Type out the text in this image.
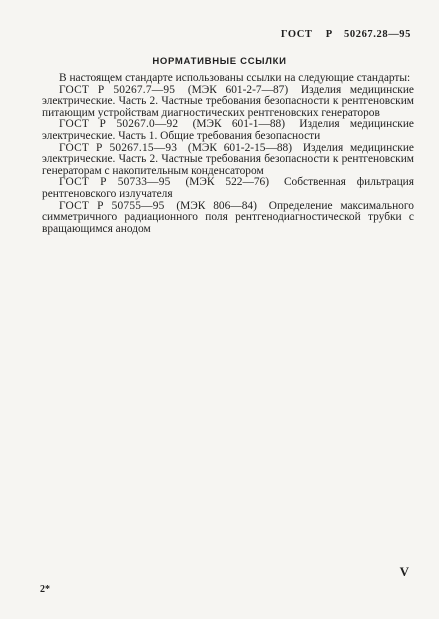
ГОСТ Р 50267.28—95
НОРМАТИВНЫЕ ССЫЛКИ

В настоящем стандарте использованы ссылки на следующие стандарты:

ГОСТ Р 50267.7—95 (МЭК 601-2-7—87) Изделия медицинские электрические. Часть 2. Частные требования безопасности к рентгеновским питающим устройствам диагностических рентгеновских генераторов

ГОСТ Р 50267.0—92 (МЭК 601-1—88) Изделия медицинские электрические. Часть 1. Общие требования безопасности

ГОСТ Р 50267.15—93 (МЭК 601-2-15—88) Изделия медицинские электрические. Часть 2. Частные требования безопасности к рентгеновским генераторам с накопительным конденсатором

ГОСТ Р 50733—95 (МЭК 522—76) Собственная фильтрация рентгеновского излучателя

ГОСТ Р 50755—95 (МЭК 806—84) Определение максимального симметричного радиационного поля рентгенодиагностической трубки с вращающимся анодом

V
2*
